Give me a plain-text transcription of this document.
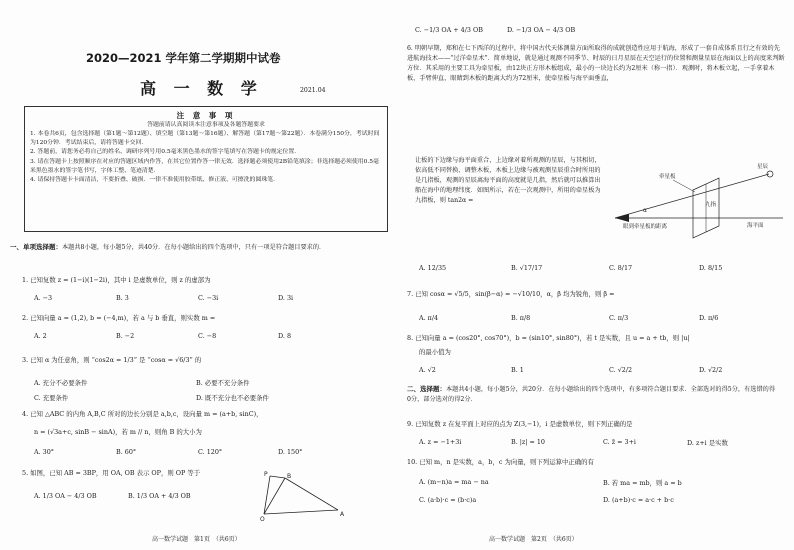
2020—2021 学年第二学期期中试卷
高 一 数 学	2021.04
注 意 事 项
答题前请认真阅读本注意事项及各题答题要求
1. 本卷共6页，包含选择题（第1题～第12题）、填空题（第13题～第16题）、解答题（第17题～第22题）．本卷满分150分，考试时间为120分钟．考试结束后，请将答题卡交回．
2. 答题前，请您务必将自己的姓名、调研序列号用0.5毫米黑色墨水的签字笔填写在答题卡的规定位置．
3. 请在答题卡上按照顺序在对应的答题区域内作答，在其它位置作答一律无效．选择题必须使用2B铅笔填涂；非选择题必须使用0.5毫米黑色墨水的签字笔书写，字体工整、笔迹清楚．
4. 请保持答题卡卡面清洁，不要折叠、破损．一律不准使用胶带纸、修正液、可擦洗的圆珠笔．
一、单项选择题：本题共8小题，每小题5分，共40分．在每小题给出的四个选项中，只有一项是符合题目要求的．
1. 已知复数 z = (1−i)(1−2i)，其中 i 是虚数单位，则 z 的虚部为
A. −3	B. 3	C. −3i	D. 3i
2. 已知向量 a = (1,2), b = (−4,m)，若 a 与 b 垂直，则实数 m =
A. 2	B. −2	C. −8	D. 8
3. 已知 α 为任意角，则 “cos2α = 1/3” 是 “cosα = √6/3” 的
A. 充分不必要条件	B. 必要不充分条件
C. 充要条件	D. 既不充分也不必要条件
4. 已知 △ABC 的内角 A,B,C 所对的边长分别是 a,b,c，设向量 m = (a+b, sinC)，
n = (√3a+c, sinB − sinA)，若 m // n，则角 B 的大小为
A. 30°	B. 60°	C. 120°	D. 150°
5. 如图，已知 AB = 3BP，用 OA, OB 表示 OP，则 OP 等于
A. 1/3 OA − 4/3 OB	B. 1/3 OA + 4/3 OB
O
A
B
P
高一数学试题　第1页　（共6页）
C. −1/3 OA + 4/3 OB	D. −1/3 OA − 4/3 OB
6. 明朝早期，郑和在七下西洋的过程中，将中国古代天体测量方面所取得的成就创造性应用于航海，形成了一套自成体系且行之有效的先进航海技术——“过洋牵星术”．简单地说，就是通过观测不同季节、时辰的日月星辰在天空运行的位置和测量星辰在海面以上的高度来判断方位．其采用的主要工具为牵星板，由12块正方形木板组成，最小的一块边长约为2厘米（称一指）．观测时，将木板立起，一手拿着木板，手臂伸直，眼睛到木板的距离大约为72厘米，使牵星板与海平面垂直，
让板的下边缘与海平面重合，上边缘对着所观测的星辰，与其相切，依高低不同替换、调整木板，木板上边缘与被观测星辰重合时所用的是几指板，观测的星辰离海平面的高度就是几指，然后就可以推算出船在海中的地理纬度．如图所示，若在一次观测中，所用的牵星板为九指板，则 tan2α =
星辰
牵星板
九指
α
眼到牵星板的距离	海平面
A. 12/35	B. √17/17	C. 8/17	D. 8/15
7. 已知 cosα = √5/5，sin(β−α) = −√10/10，α，β 均为锐角，则 β =
A. π/4	B. π/8	C. π/3	D. π/6
8. 已知向量 a = (cos20°, cos70°)，b = (sin10°, sin80°)，若 t 是实数，且 u = a + tb，则 |u|
的最小值为
A. √2	B. 1	C. √2/2	D. √2/2
二、选择题：本题共4小题，每小题5分，共20分．在每小题给出的四个选项中，有多项符合题目要求．全部选对的得5分，有选错的得0分，部分选对的得2分．
9. 已知复数 z 在复平面上对应的点为 Z(3,−1)，i 是虚数单位，则下列正确的是
A. z = −1+3i	B. |z| = 10	C. z̄ = 3+i	D. z+i 是实数
10. 已知 m，n 是实数，a，b，c 为向量，则下列运算中正确的有
A. (m−n)a = ma − na	B. 若 ma = mb，则 a = b
C. (a·b)·c = (b·c)a	D. (a+b)·c = a·c + b·c
高一数学试题　第2页　（共6页）
